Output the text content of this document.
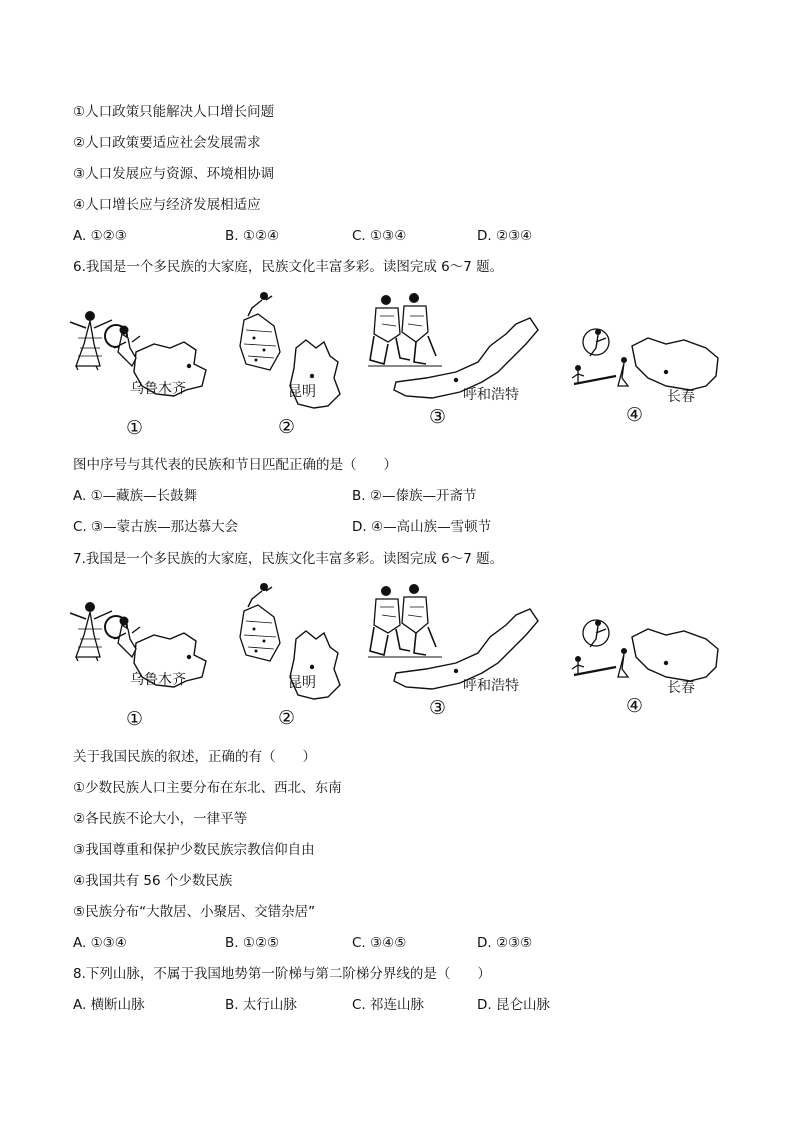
①人口政策只能解决人口增长问题
②人口政策要适应社会发展需求
③人口发展应与资源、环境相协调
④人口增长应与经济发展相适应
A. ①②③	B. ①②④	C. ①③④	D. ②③④
6.我国是一个多民族的大家庭，民族文化丰富多彩。读图完成 6～7 题。
乌鲁木齐
①
昆明
②
呼和浩特
③
长春
④
图中序号与其代表的民族和节日匹配正确的是（　　）
A. ①—藏族—长鼓舞	B. ②—傣族—开斋节
C. ③—蒙古族—那达慕大会	D. ④—高山族—雪顿节
7.我国是一个多民族的大家庭，民族文化丰富多彩。读图完成 6～7 题。
乌鲁木齐
①
昆明
②
呼和浩特
③
长春
④
关于我国民族的叙述，正确的有（　　）
①少数民族人口主要分布在东北、西北、东南
②各民族不论大小，一律平等
③我国尊重和保护少数民族宗教信仰自由
④我国共有 56 个少数民族
⑤民族分布“大散居、小聚居、交错杂居”
A. ①③④	B. ①②⑤	C. ③④⑤	D. ②③⑤
8.下列山脉，不属于我国地势第一阶梯与第二阶梯分界线的是（　　）
A. 横断山脉	B. 太行山脉	C. 祁连山脉	D. 昆仑山脉
